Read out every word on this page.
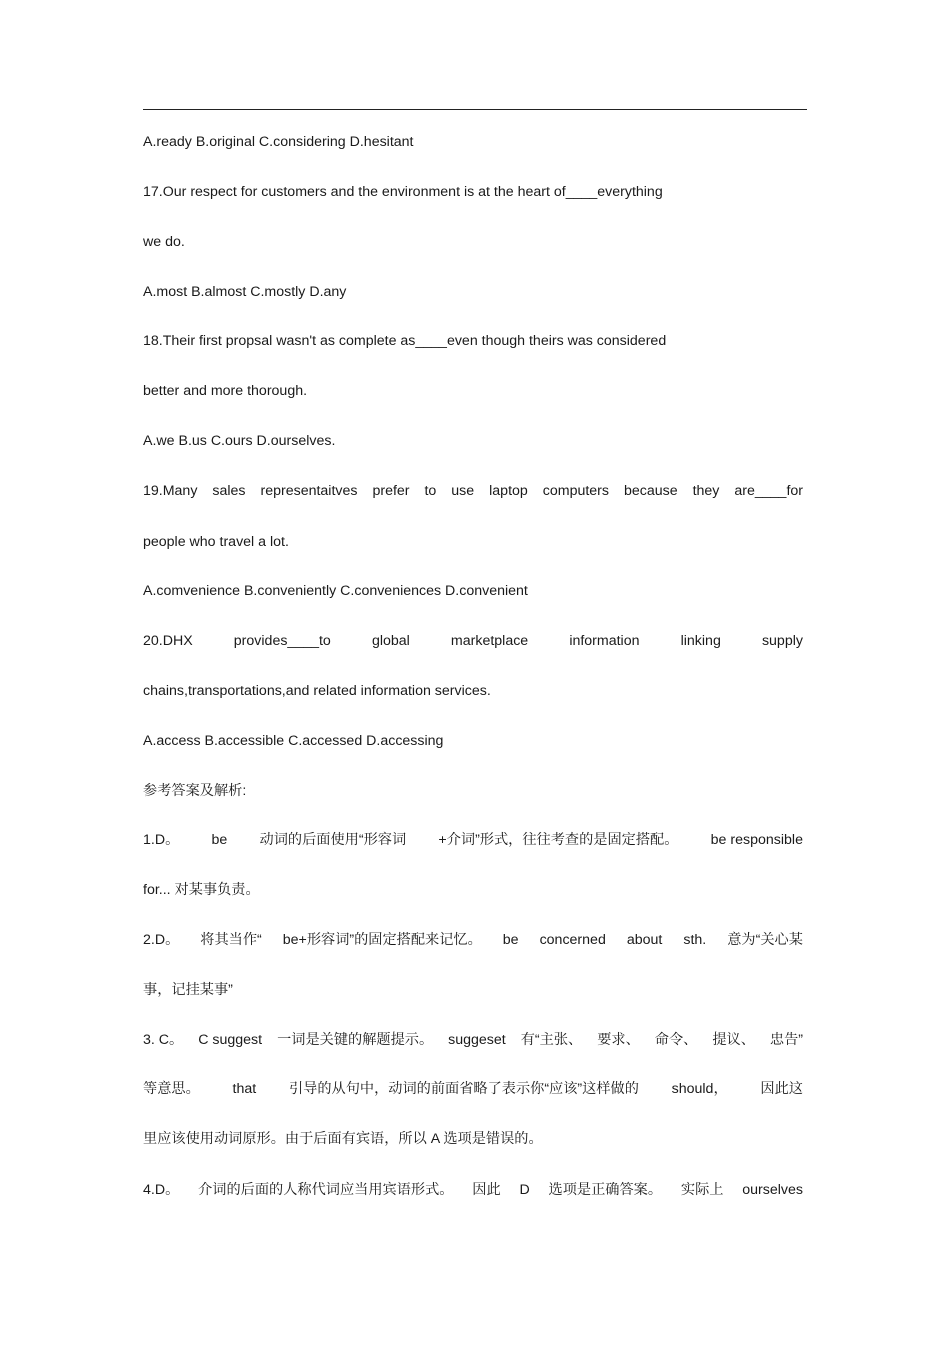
A.ready B.original C.considering D.hesitant
17.Our respect for customers and the environment is at the heart of____everything
we do.
A.most B.almost C.mostly D.any
18.Their first propsal wasn't as complete as____even though theirs was considered
better and more thorough.
A.we B.us C.ours D.ourselves.
19.Many sales representaitves prefer to use laptop computers because they are____for
people who travel a lot.
A.comvenience B.conveniently C.conveniences D.convenient
20.DHX	provides____to	global	marketplace	information	linking	supply
chains,transportations,and related information services.
A.access B.accessible C.accessed D.accessing
参考答案及解析:
1.D。 be 动词的后面使用“形容词 +介词”形式，往往考查的是固定搭配。 be responsible
for... 对某事负责。
2.D。 将其当作“ be+形容词”的固定搭配来记忆。 be concerned about sth. 意为“关心某
事，记挂某事”
3. C。 C suggest 一词是关键的解题提示。 suggeset 有“主张、 要求、 命令、 提议、 忠告”
等意思。 that 引导的从句中，动词的前面省略了表示你“应该”这样做的 should， 因此这
里应该使用动词原形。由于后面有宾语，所以 A 选项是错误的。
4.D。 介词的后面的人称代词应当用宾语形式。 因此 D 选项是正确答案。 实际上 ourselves
